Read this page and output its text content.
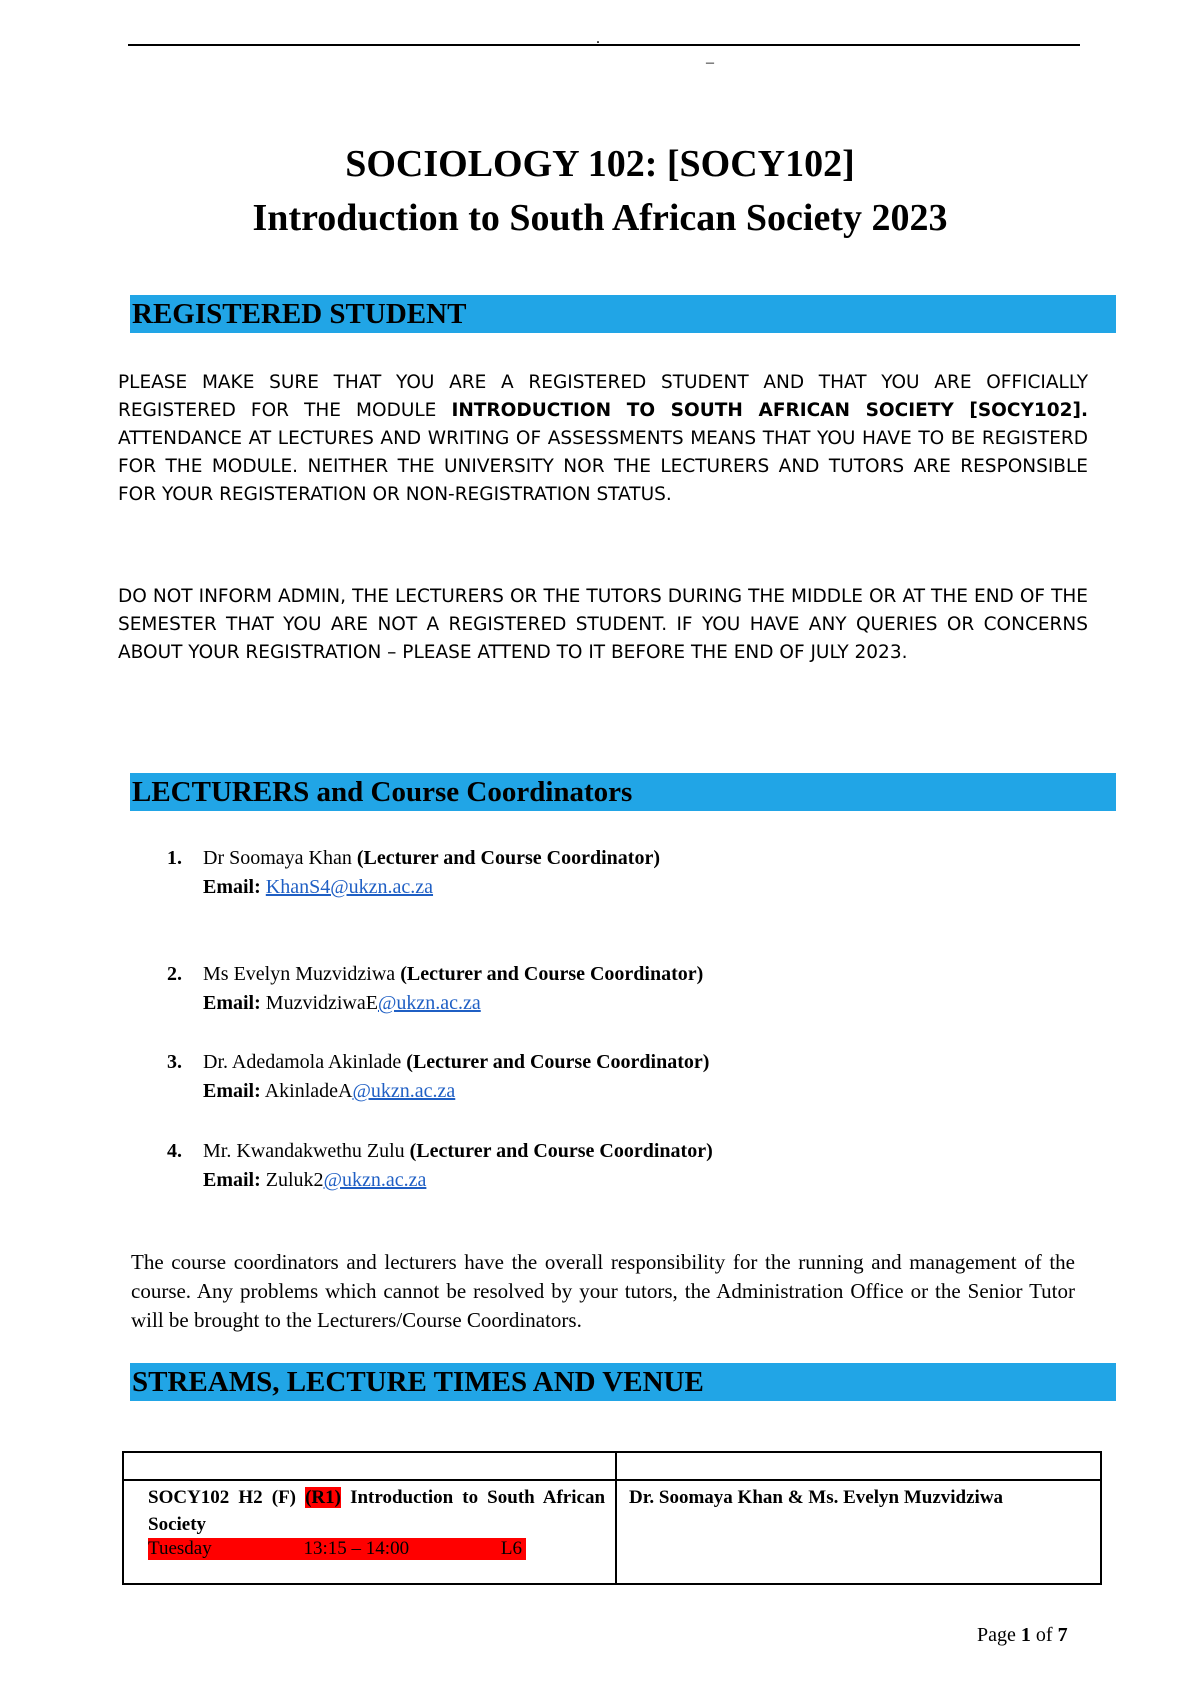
.
–
SOCIOLOGY 102: [SOCY102]
Introduction to South African Society 2023
REGISTERED STUDENT
PLEASE MAKE SURE THAT YOU ARE A REGISTERED STUDENT AND THAT YOU ARE OFFICIALLY REGISTERED FOR THE MODULE INTRODUCTION TO SOUTH AFRICAN SOCIETY [SOCY102]. ATTENDANCE AT LECTURES AND WRITING OF ASSESSMENTS MEANS THAT YOU HAVE TO BE REGISTERD FOR THE MODULE. NEITHER THE UNIVERSITY NOR THE LECTURERS AND TUTORS ARE RESPONSIBLE FOR YOUR REGISTERATION OR NON-REGISTRATION STATUS.
DO NOT INFORM ADMIN, THE LECTURERS OR THE TUTORS DURING THE MIDDLE OR AT THE END OF THE SEMESTER THAT YOU ARE NOT A REGISTERED STUDENT. IF YOU HAVE ANY QUERIES OR CONCERNS ABOUT YOUR REGISTRATION – PLEASE ATTEND TO IT BEFORE THE END OF JULY 2023.
LECTURERS and Course Coordinators
1.	Dr Soomaya Khan (Lecturer and Course Coordinator)
Email: KhanS4@ukzn.ac.za
2.	Ms Evelyn Muzvidziwa (Lecturer and Course Coordinator)
Email: MuzvidziwaE@ukzn.ac.za
3.	Dr. Adedamola Akinlade (Lecturer and Course Coordinator)
Email: AkinladeA@ukzn.ac.za
4.	Mr. Kwandakwethu Zulu (Lecturer and Course Coordinator)
Email: Zuluk2@ukzn.ac.za
The course coordinators and lecturers have the overall responsibility for the running and management of the course. Any problems which cannot be resolved by your tutors, the Administration Office or the Senior Tutor will be brought to the Lecturers/Course Coordinators.
STREAMS, LECTURE TIMES AND VENUE

SOCY102 H2 (F) (R1) Introduction to South African Society
Tuesday 13:15 – 14:00 L6	Dr. Soomaya Khan & Ms. Evelyn Muzvidziwa
Page 1 of 7
